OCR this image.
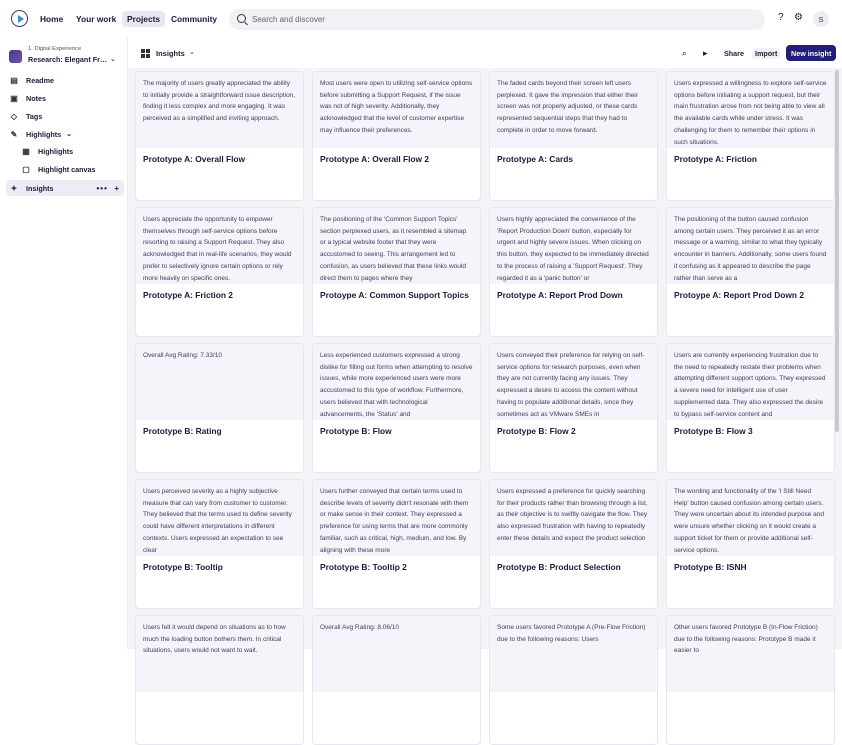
Home	Your work	Projects	Community
Search and discover	? ⚙	S
1. Digital Experience
Research: Elegant Fr… ⌄
▤	Readme
▣	Notes
◇	Tags
✎	Highlights ⌄
▦	Highlights
▢	Highlight canvas
✦	Insights	•••  +
Insights ⌄	⌕ ▸	Share	Import	New insight
The majority of users greatly appreciated the ability to initially provide a straightforward issue description, finding it less complex and more engaging. It was perceived as a simplified and inviting approach.
Prototype A: Overall Flow
Most users were open to utilizing self-service options before submitting a Support Request, if the issue was not of high severity. Additionally, they acknowledged that the level of customer expertise may influence their preferences.
Prototype A: Overall Flow 2
The faded cards beyond their screen left users perplexed. It gave the impression that either their screen was not properly adjusted, or these cards represented sequential steps that they had to complete in order to move forward.
Prototype A: Cards
Users expressed a willingness to explore self-service options before initiating a support request, but their main frustration arose from not being able to view all the available cards while under stress. It was challenging for them to remember their options in such situations.
Prototype A: Friction
Users appreciate the opportunity to empower themselves through self-service options before resorting to raising a Support Request. They also acknowledged that in real-life scenarios, they would prefer to selectively ignore certain options or rely more heavily on specific ones.
Prototype A: Friction 2
The positioning of the 'Common Support Topics' section perplexed users, as it resembled a sitemap or a typical website footer that they were accustomed to seeing. This arrangement led to confusion, as users believed that these links would direct them to pages where they
Protoype A: Common Support Topics
Users highly appreciated the convenience of the 'Report Production Down' button, especially for urgent and highly severe issues. When clicking on this button, they expected to be immediately directed to the process of raising a 'Support Request'. They regarded it as a 'panic button' or
Prototype A: Report Prod Down
The positioning of the button caused confusion among certain users. They perceived it as an error message or a warning, similar to what they typically encounter in banners. Additionally, some users found it confusing as it appeared to describe the page rather than serve as a
Protoype A: Report Prod Down 2
Overall Avg Rating: 7.33/10
Prototype B: Rating
Less experienced customers expressed a strong dislike for filling out forms when attempting to resolve issues, while more experienced users were more accustomed to this type of workflow. Furthermore, users believed that with technological advancements, the 'Status' and
Prototype B: Flow
Users conveyed their preference for relying on self-service options for research purposes, even when they are not currently facing any issues. They expressed a desire to access the content without having to populate additional details, since they sometimes act as VMware SMEs in
Prototype B: Flow 2
Users are currently experiencing frustration due to the need to repeatedly restate their problems when attempting different support options. They expressed a severe need for intelligent use of user supplemented data. They also expressed the desire to bypass self-service content and
Prototype B: Flow 3
Users perceived severity as a highly subjective measure that can vary from customer to customer. They believed that the terms used to define severity could have different interpretations in different contexts. Users expressed an expectation to see clear
Prototype B: Tooltip
Users further conveyed that certain terms used to describe levels of severity didn't resonate with them or make sense in their context. They expressed a preference for using terms that are more commonly familiar, such as critical, high, medium, and low. By aligning with these more
Prototype B: Tooltip 2
Users expressed a preference for quickly searching for their products rather than browsing through a list, as their objective is to swiftly navigate the flow. They also expressed frustration with having to repeatedly enter these details and expect the product selection
Prototype B: Product Selection
The wording and functionality of the 'I Still Need Help' button caused confusion among certain users. They were uncertain about its intended purpose and were unsure whether clicking on it would create a support ticket for them or provide additional self-service options.
Prototype B: ISNH
Users felt it would depend on situations as to how much the loading button bothers them. In critical situations, users would not want to wait.
Overall Avg Rating: 8.06/10	Some users favored Prototype A (Pre-Flow Friction) due to the following reasons: Users
Other users favored Prototype B (In-Flow Friction) due to the following reasons: Prototype B made it easier to
